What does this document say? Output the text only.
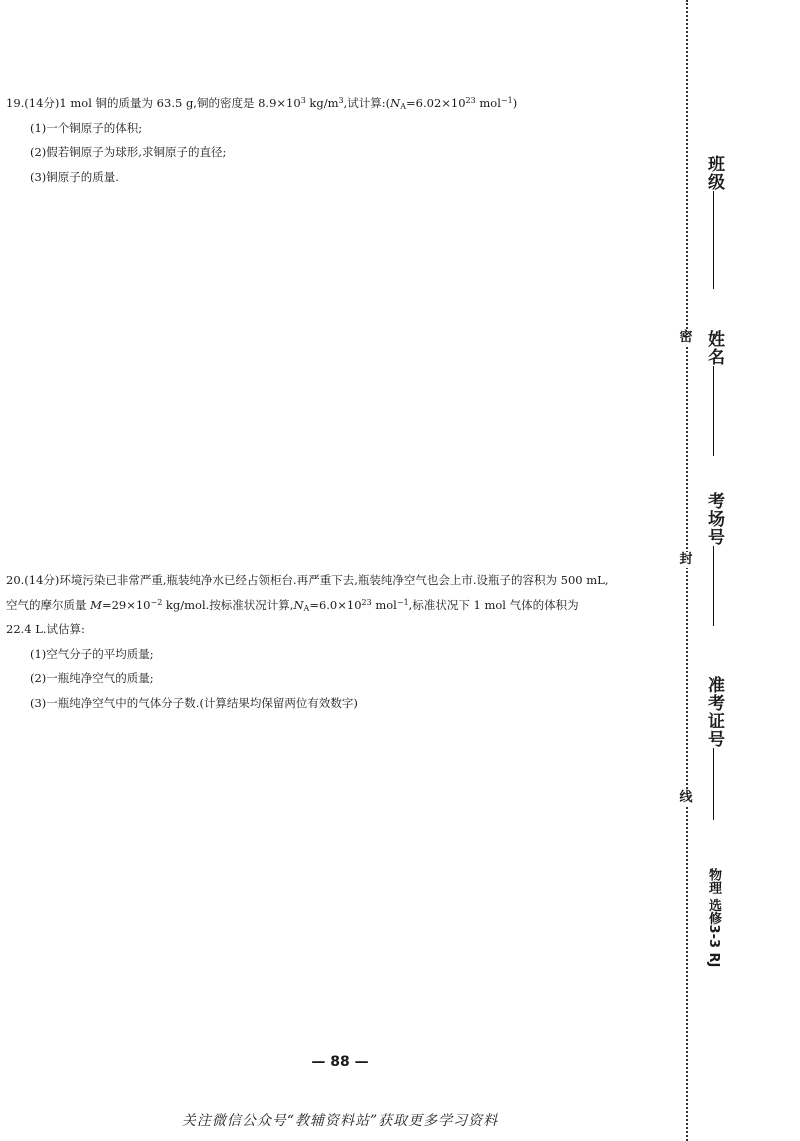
19.(14分)1 mol 铜的质量为 63.5 g,铜的密度是 $8.9\times 10^3$ $kg/m^3$,试计算$:(N_A=6.02\times 10^{23}$ mol$^{-1}$)

(1)一个铜原子的体积;

(2)假若铜原子为球形,求铜原子的直径;

(3)铜原子的质量.

20.(14分)环境污染已非常严重,瓶装纯净水已经占领柜台.再严重下去,瓶装纯净空气也会上市.设瓶子的容积为 500 mL,

空气的摩尔质量 $M=29\times 10^{-2}$ kg/mol.按标准状况计算$,N_A=6.0\times 10^{23}$ mol$^{-1}$,标准状况下 1 mol 气体的体积为

22.4 L.试估算:

(1)空气分子的平均质量;

(2)一瓶纯净空气的质量;

(3)一瓶纯净空气中的气体分子数.(计算结果均保留两位有效数字)

— 88 —
关注微信公众号“教辅资料站”获取更多学习资料
密
封
线
班级
姓名
考场号
准考证号
物理 选修3-3 RJ
